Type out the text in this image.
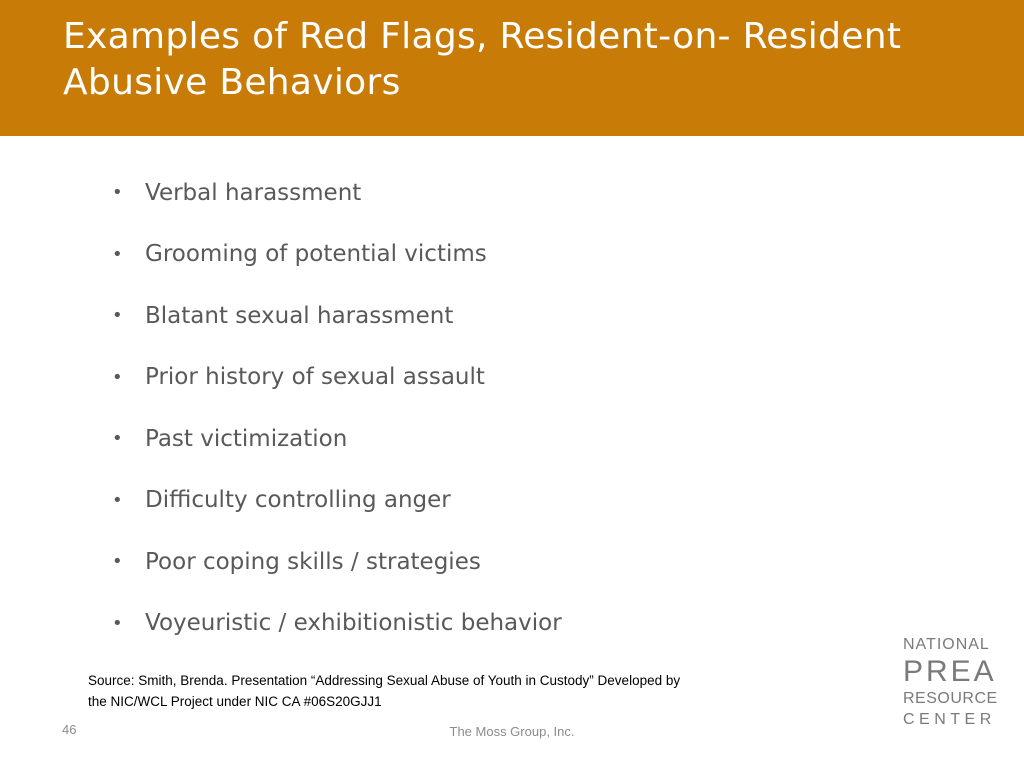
Examples of Red Flags, Resident-on- Resident Abusive Behaviors
• Verbal harassment
• Grooming of potential victims
• Blatant sexual harassment
• Prior history of sexual assault
• Past victimization
• Difficulty controlling anger
• Poor coping skills / strategies
• Voyeuristic / exhibitionistic behavior
Source: Smith, Brenda. Presentation “Addressing Sexual Abuse of Youth in Custody” Developed by
the NIC/WCL Project under NIC CA #06S20GJJ1
46	The Moss Group, Inc.
NATIONAL
PREA
RESOURCE
CENTER
